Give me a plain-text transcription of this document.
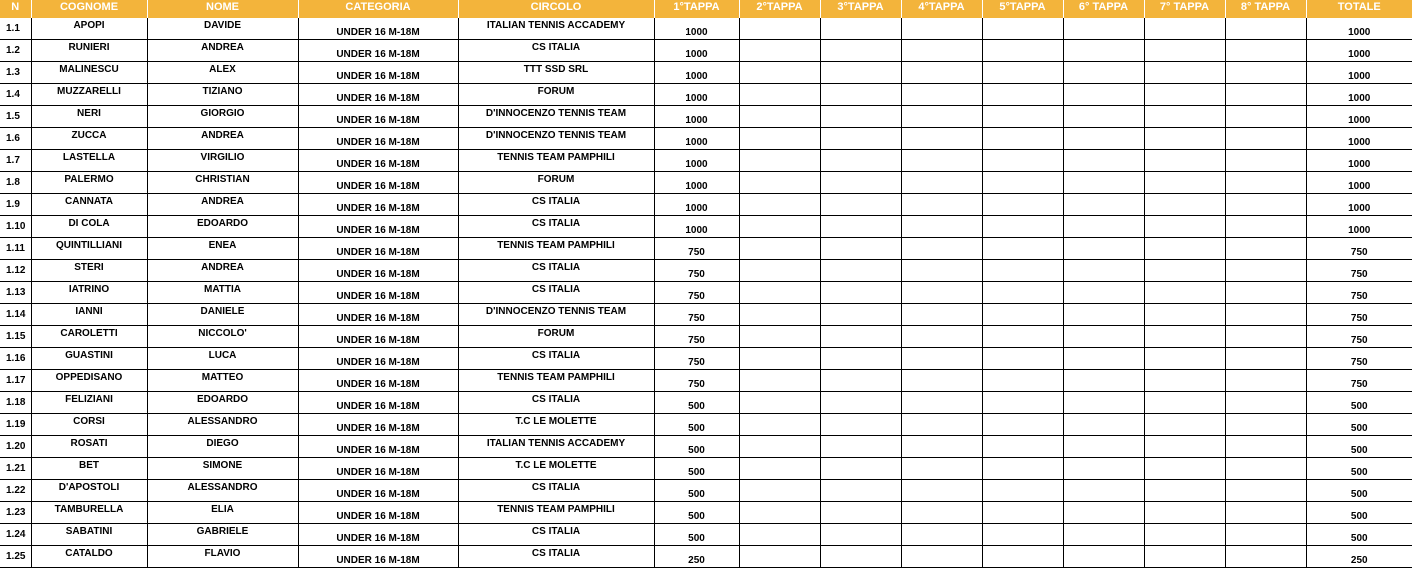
N	COGNOME	NOME	CATEGORIA	CIRCOLO	1°TAPPA	2°TAPPA	3°TAPPA	4°TAPPA	5°TAPPA	6° TAPPA	7° TAPPA	8° TAPPA	TOTALE
1.1	APOPI	DAVIDE	UNDER 16 M-18M	ITALIAN TENNIS ACCADEMY	1000								1000
1.2	RUNIERI	ANDREA	UNDER 16 M-18M	CS ITALIA	1000								1000
1.3	MALINESCU	ALEX	UNDER 16 M-18M	TTT SSD SRL	1000								1000
1.4	MUZZARELLI	TIZIANO	UNDER 16 M-18M	FORUM	1000								1000
1.5	NERI	GIORGIO	UNDER 16 M-18M	D'INNOCENZO TENNIS TEAM	1000								1000
1.6	ZUCCA	ANDREA	UNDER 16 M-18M	D'INNOCENZO TENNIS TEAM	1000								1000
1.7	LASTELLA	VIRGILIO	UNDER 16 M-18M	TENNIS TEAM PAMPHILI	1000								1000
1.8	PALERMO	CHRISTIAN	UNDER 16 M-18M	FORUM	1000								1000
1.9	CANNATA	ANDREA	UNDER 16 M-18M	CS ITALIA	1000								1000
1.10	DI COLA	EDOARDO	UNDER 16 M-18M	CS ITALIA	1000								1000
1.11	QUINTILLIANI	ENEA	UNDER 16 M-18M	TENNIS TEAM PAMPHILI	750								750
1.12	STERI	ANDREA	UNDER 16 M-18M	CS ITALIA	750								750
1.13	IATRINO	MATTIA	UNDER 16 M-18M	CS ITALIA	750								750
1.14	IANNI	DANIELE	UNDER 16 M-18M	D'INNOCENZO TENNIS TEAM	750								750
1.15	CAROLETTI	NICCOLO'	UNDER 16 M-18M	FORUM	750								750
1.16	GUASTINI	LUCA	UNDER 16 M-18M	CS ITALIA	750								750
1.17	OPPEDISANO	MATTEO	UNDER 16 M-18M	TENNIS TEAM PAMPHILI	750								750
1.18	FELIZIANI	EDOARDO	UNDER 16 M-18M	CS ITALIA	500								500
1.19	CORSI	ALESSANDRO	UNDER 16 M-18M	T.C LE MOLETTE	500								500
1.20	ROSATI	DIEGO	UNDER 16 M-18M	ITALIAN TENNIS ACCADEMY	500								500
1.21	BET	SIMONE	UNDER 16 M-18M	T.C LE MOLETTE	500								500
1.22	D'APOSTOLI	ALESSANDRO	UNDER 16 M-18M	CS ITALIA	500								500
1.23	TAMBURELLA	ELIA	UNDER 16 M-18M	TENNIS TEAM PAMPHILI	500								500
1.24	SABATINI	GABRIELE	UNDER 16 M-18M	CS ITALIA	500								500
1.25	CATALDO	FLAVIO	UNDER 16 M-18M	CS ITALIA	250								250
